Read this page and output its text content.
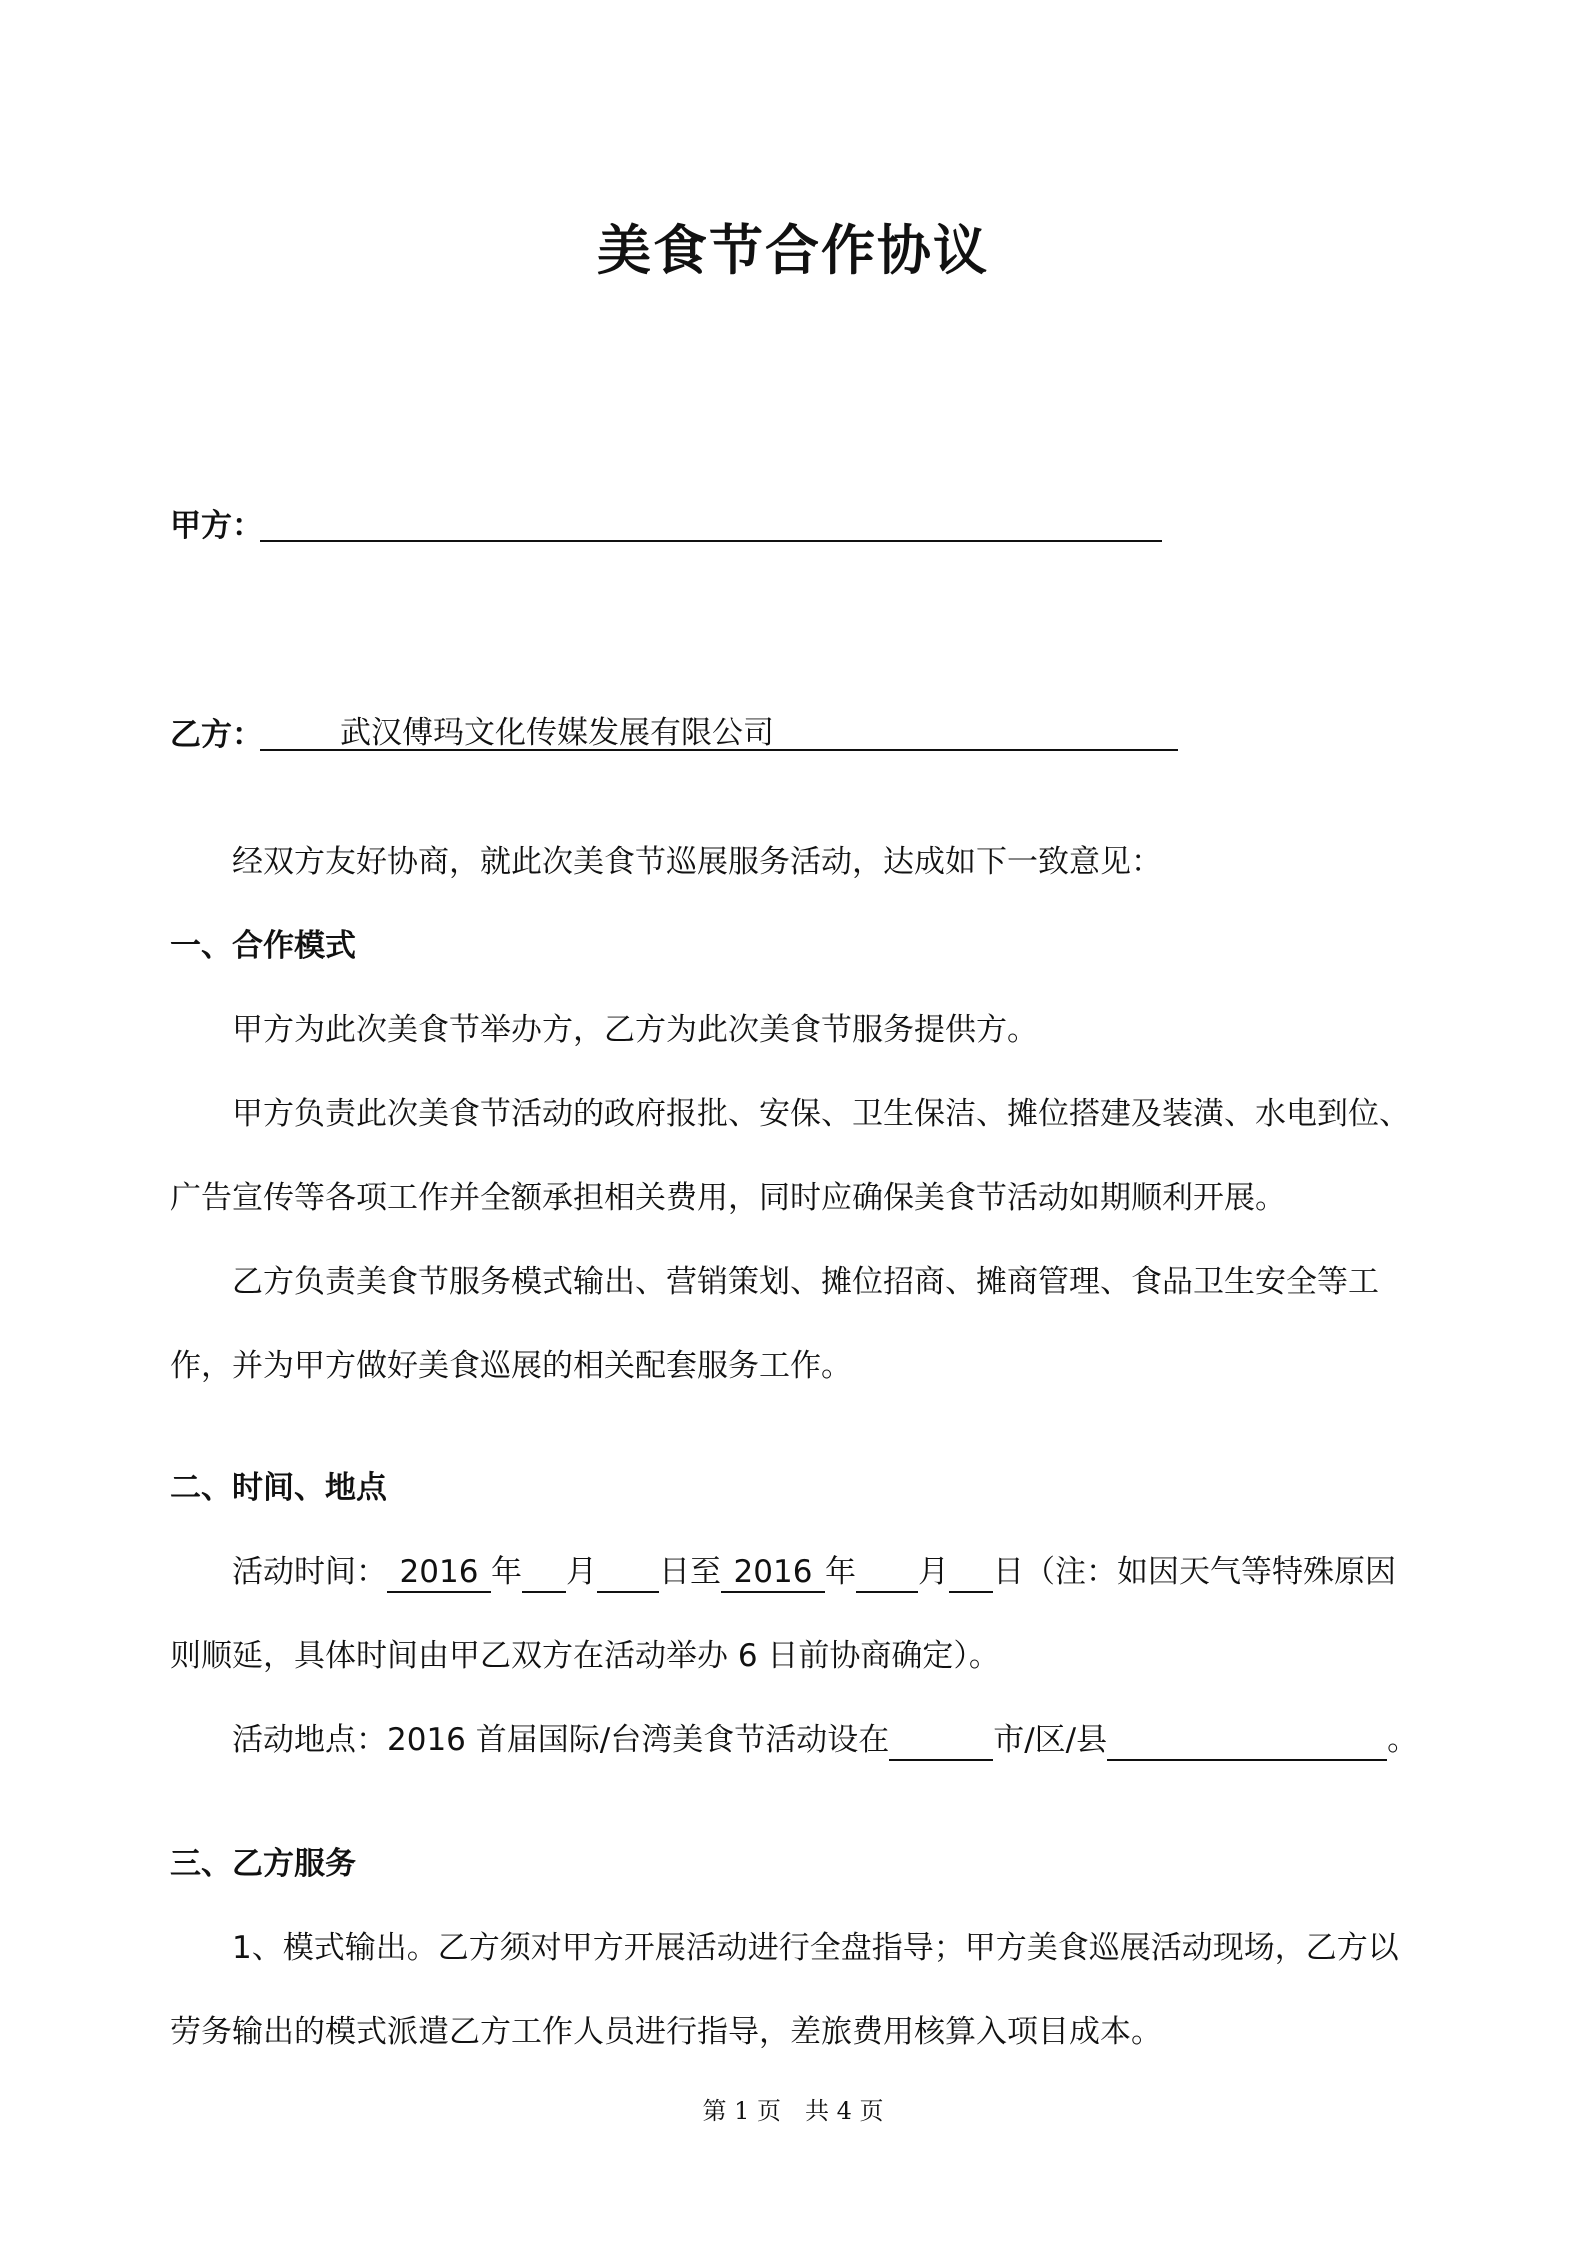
美食节合作协议
甲方：
乙方： 武汉傅玛文化传媒发展有限公司
经双方友好协商，就此次美食节巡展服务活动，达成如下一致意见：
一、合作模式
甲方为此次美食节举办方，乙方为此次美食节服务提供方。
甲方负责此次美食节活动的政府报批、安保、卫生保洁、摊位搭建及装潢、水电到位、
广告宣传等各项工作并全额承担相关费用，同时应确保美食节活动如期顺利开展。
乙方负责美食节服务模式输出、营销策划、摊位招商、摊商管理、食品卫生安全等工
作，并为甲方做好美食巡展的相关配套服务工作。
二、时间、地点
活动时间： 2016 年 月 日至 2016 年 月 日（注：如因天气等特殊原因
则顺延，具体时间由甲乙双方在活动举办 6 日前协商确定）。
活动地点：2016 首届国际/台湾美食节活动设在	市/区/县	。
三、乙方服务
1、模式输出。乙方须对甲方开展活动进行全盘指导；甲方美食巡展活动现场，乙方以
劳务输出的模式派遣乙方工作人员进行指导，差旅费用核算入项目成本。
第 1 页　共 4 页
